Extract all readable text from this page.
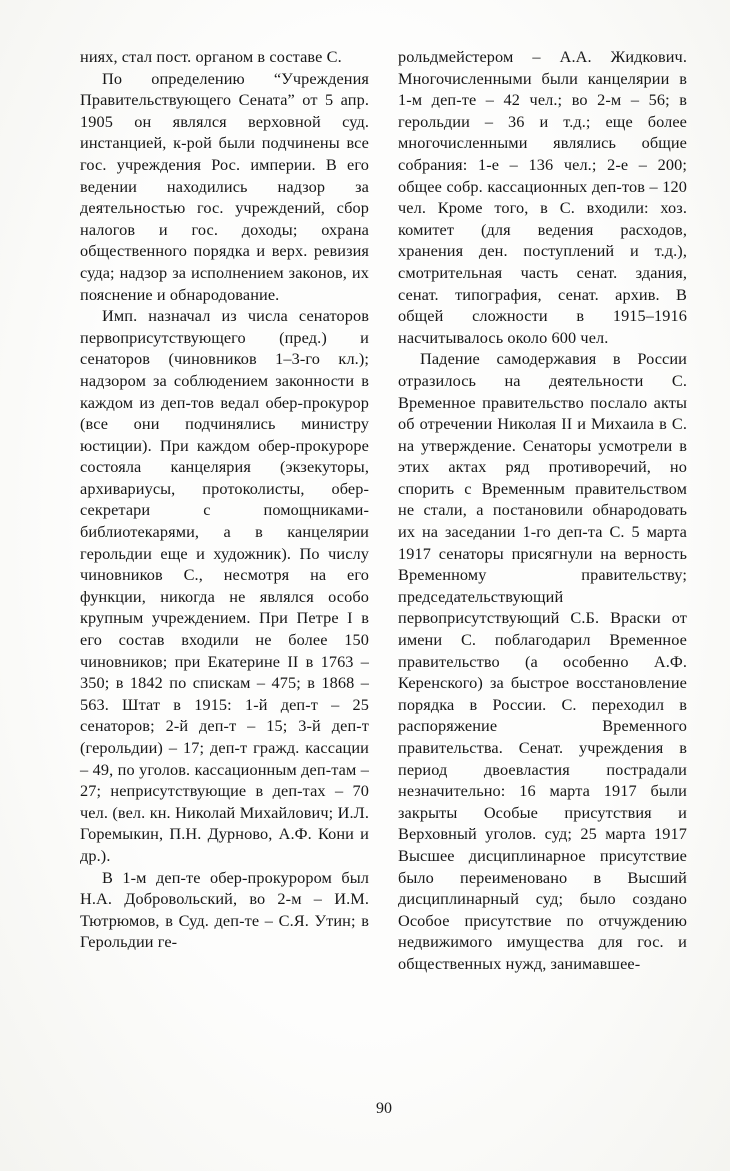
ниях, стал пост. органом в составе С.

По определению “Учреждения Правительствующего Сената” от 5 апр. 1905 он являлся верховной суд. инстанцией, к-рой были подчинены все гос. учреждения Рос. империи. В его ведении находились надзор за деятельностью гос. учреждений, сбор налогов и гос. доходы; охрана общественного порядка и верх. ревизия суда; надзор за исполнением законов, их пояснение и обнародование.

Имп. назначал из числа сенаторов первоприсутствующего (пред.) и сенаторов (чиновников 1–3-го кл.); надзором за соблюдением законности в каждом из деп-тов ведал обер-прокурор (все они подчинялись министру юстиции). При каждом обер-прокуроре состояла канцелярия (экзекуторы, архивариусы, протоколисты, обер-секретари с помощниками-библиотекарями, а в канцелярии герольдии еще и художник). По числу чиновников С., несмотря на его функции, никогда не являлся особо крупным учреждением. При Петре I в его состав входили не более 150 чиновников; при Екатерине II в 1763 – 350; в 1842 по спискам – 475; в 1868 – 563. Штат в 1915: 1-й деп-т – 25 сенаторов; 2-й деп-т – 15; 3-й деп-т (герольдии) – 17; деп-т гражд. кассации – 49, по уголов. кассационным деп-там – 27; неприсутствующие в деп-тах – 70 чел. (вел. кн. Николай Михайлович; И.Л. Горемыкин, П.Н. Дурново, А.Ф. Кони и др.).

В 1-м деп-те обер-прокурором был Н.А. Добровольский, во 2-м – И.М. Тютрюмов, в Суд. деп-те – С.Я. Утин; в Герольдии ге-

рольдмейстером – А.А. Жидкович. Многочисленными были канцелярии в 1-м деп-те – 42 чел.; во 2-м – 56; в герольдии – 36 и т.д.; еще более многочисленными являлись общие собрания: 1-е – 136 чел.; 2-е – 200; общее собр. кассационных деп-тов – 120 чел. Кроме того, в С. входили: хоз. комитет (для ведения расходов, хранения ден. поступлений и т.д.), смотрительная часть сенат. здания, сенат. типография, сенат. архив. В общей сложности в 1915–1916 насчитывалось около 600 чел.

Падение самодержавия в России отразилось на деятельности С. Временное правительство послало акты об отречении Николая II и Михаила в С. на утверждение. Сенаторы усмотрели в этих актах ряд противоречий, но спорить с Временным правительством не стали, а постановили обнародовать их на заседании 1-го деп-та С. 5 марта 1917 сенаторы присягнули на верность Временному правительству; председательствующий первоприсутствующий С.Б. Враски от имени С. поблагодарил Временное правительство (а особенно А.Ф. Керенского) за быстрое восстановление порядка в России. С. переходил в распоряжение Временного правительства. Сенат. учреждения в период двоевластия пострадали незначительно: 16 марта 1917 были закрыты Особые присутствия и Верховный уголов. суд; 25 марта 1917 Высшее дисциплинарное присутствие было переименовано в Высший дисциплинарный суд; было создано Особое присутствие по отчуждению недвижимого имущества для гос. и общественных нужд, занимавшее-

90
